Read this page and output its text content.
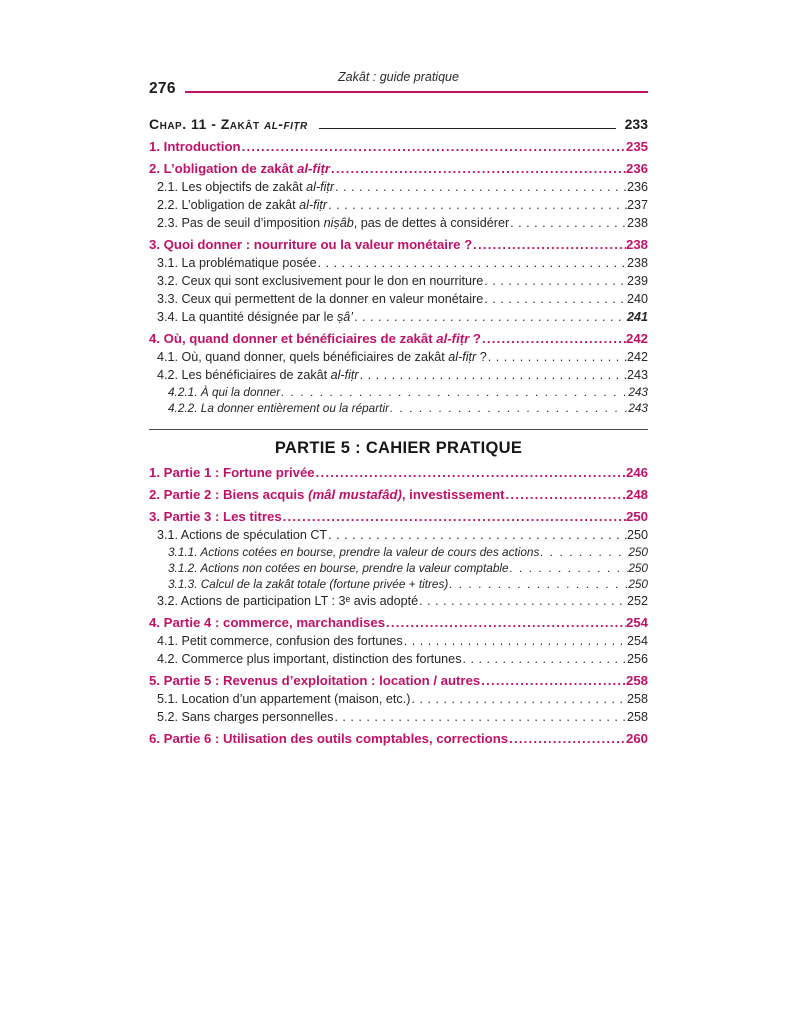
Zakât : guide pratique
276
Chap. 11 - Zakât al-fiṭr	233
1. Introduction .....	235
2. L’obligation de zakât al-fiṭr .....	236
2.1. Les objectifs de zakât al-fiṭr .....	236
2.2. L’obligation de zakât al-fiṭr .....	237
2.3. Pas de seuil d’imposition niṣâb, pas de dettes à considérer .....	238
3. Quoi donner : nourriture ou la valeur monétaire ? .....	238
3.1. La problématique posée .....	238
3.2. Ceux qui sont exclusivement pour le don en nourriture .....	239
3.3. Ceux qui permettent de la donner en valeur monétaire .....	240
3.4. La quantité désignée par le ṣâ’ .....	241
4. Où, quand donner et bénéficiaires de zakât al-fiṭr ? .....	242
4.1. Où, quand donner, quels bénéficiaires de zakât al-fiṭr ? .....	242
4.2. Les bénéficiaires de zakât al-fiṭr .....	243
4.2.1. À qui la donner .....	243
4.2.2. La donner entièrement ou la répartir .....	243
PARTIE 5 : CAHIER PRATIQUE
1. Partie 1 : Fortune privée .....	246
2. Partie 2 : Biens acquis (mâl mustafâd), investissement .....	248
3. Partie 3 : Les titres .....	250
3.1. Actions de spéculation CT .....	250
3.1.1. Actions cotées en bourse, prendre la valeur de cours des actions .....	250
3.1.2. Actions non cotées en bourse, prendre la valeur comptable .....	250
3.1.3. Calcul de la zakât totale (fortune privée + titres) .....	250
3.2. Actions de participation LT : 3ᵉ avis adopté .....	252
4. Partie 4 : commerce, marchandises .....	254
4.1. Petit commerce, confusion des fortunes .....	254
4.2. Commerce plus important, distinction des fortunes .....	256
5. Partie 5 : Revenus d’exploitation : location / autres .....	258
5.1. Location d’un appartement (maison, etc.) .....	258
5.2. Sans charges personnelles .....	258
6. Partie 6 : Utilisation des outils comptables, corrections .....	260
